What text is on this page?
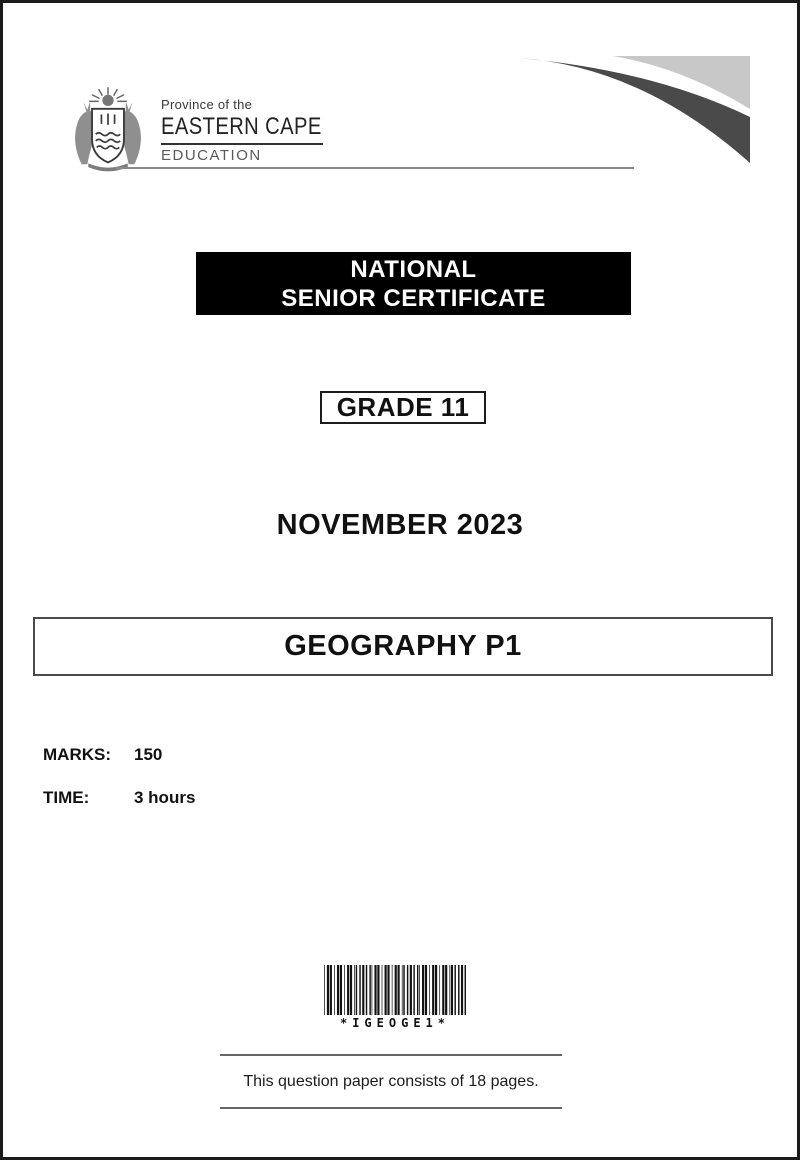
Province of the
EASTERN CAPE
EDUCATION
NATIONAL
SENIOR CERTIFICATE
GRADE 11
NOVEMBER 2023
GEOGRAPHY P1
MARKS:	150
TIME:	3 hours
*IGEOGE1*
This question paper consists of 18 pages.
